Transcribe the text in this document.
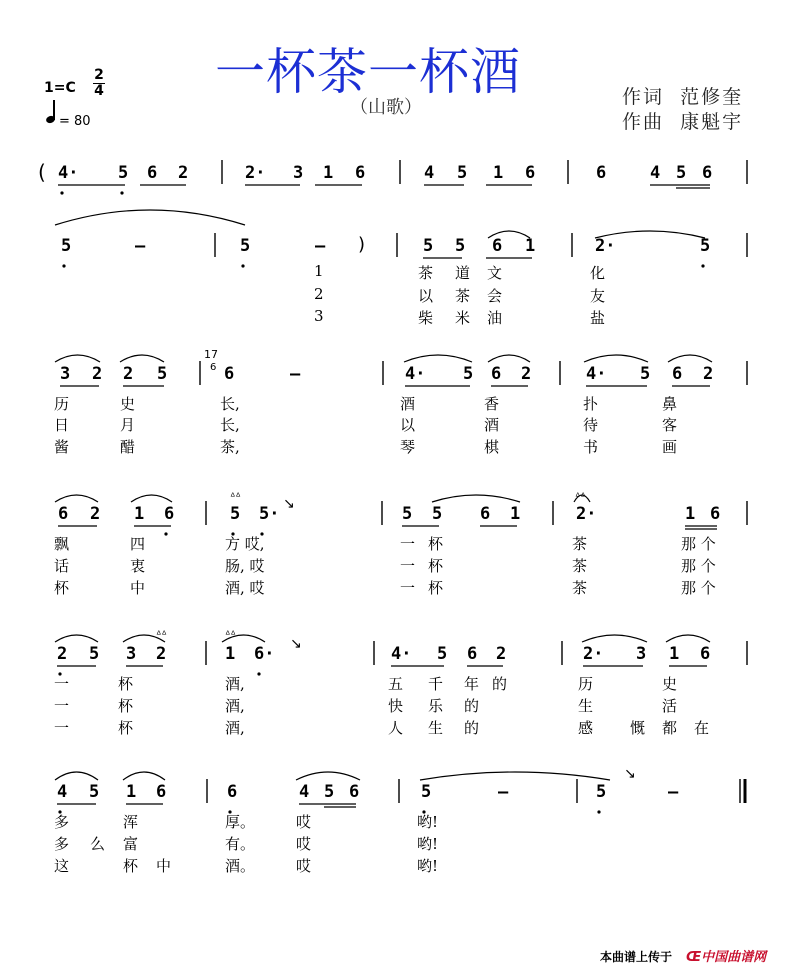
一杯茶一杯酒
（山歌）	作词 范修奎
作曲 康魁宇
1=C
2
4
= 80
(
)
4· 5 6 2	2· 3 1 6	4 5 1 6	6	4 5 6
5	–	5	–	5 5 6 1	2·	5
3 2 2 5	6	–	4· 5 6 2	4· 5 6 2
6 2 1 6	5 5·	5 5 6 1	2·	1 6
2 5 3 2	1 6·	4· 5 6 2	2· 3 1 6
4 5 1 6	6	4 5 6	5	–	5	–
17
6
ᐞᐞ	ᐞᐞ
ᐞᐞ	ᐞᐞ
↘
↘
↘
1
2
3
茶 道 文	化
以 茶 会	友
柴 米 油	盐
历	史	长,	酒	香	扑	鼻
日	月	长,	以	酒	待	客
酱	醋	茶,	琴	棋	书	画
飘	四	方 哎,	一 杯	茶	那 个
话	衷	肠, 哎	一 杯	茶	那 个
杯	中	酒, 哎	一 杯	茶	那 个
一	杯	酒,	五 千 年 的	历	史
一	杯	酒,	快 乐 的	生	活
一	杯	酒,	人 生 的	感 慨 都 在
多	浑	厚。	哎	哟!
多 么 富	有。	哎	哟!
这	杯 中	酒。	哎	哟!
本曲谱上传于 Œ中国曲谱网
